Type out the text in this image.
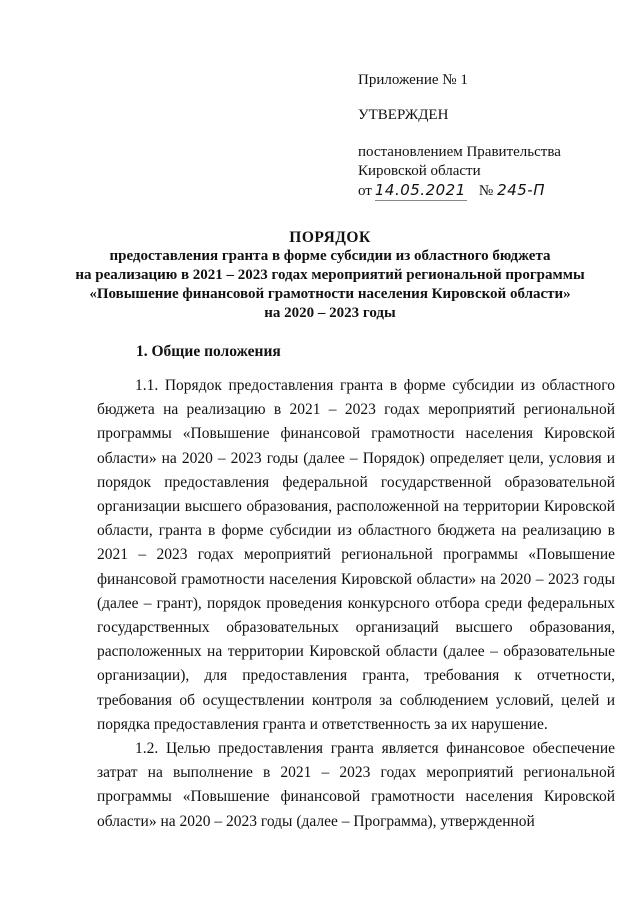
Приложение № 1
УТВЕРЖДЕН
постановлением Правительства
Кировской области
от 14.05.2021 № 245-П
ПОРЯДОК
предоставления гранта в форме субсидии из областного бюджета
на реализацию в 2021 – 2023 годах мероприятий региональной программы
«Повышение финансовой грамотности населения Кировской области»
на 2020 – 2023 годы
1. Общие положения

1.1. Порядок предоставления гранта в форме субсидии из областного бюджета на реализацию в 2021 – 2023 годах мероприятий региональной программы «Повышение финансовой грамотности населения Кировской области» на 2020 – 2023 годы (далее – Порядок) определяет цели, условия и порядок предоставления федеральной государственной образовательной организации высшего образования, расположенной на территории Кировской области, гранта в форме субсидии из областного бюджета на реализацию в 2021 – 2023 годах мероприятий региональной программы «Повышение финансовой грамотности населения Кировской области» на 2020 – 2023 годы (далее – грант), порядок проведения конкурсного отбора среди федеральных государственных образовательных организаций высшего образования, расположенных на территории Кировской области (далее – образовательные организации), для предоставления гранта, требования к отчетности, требования об осуществлении контроля за соблюдением условий, целей и порядка предоставления гранта и ответственность за их нарушение.

1.2. Целью предоставления гранта является финансовое обеспечение затрат на выполнение в 2021 – 2023 годах мероприятий региональной программы «Повышение финансовой грамотности населения Кировской области» на 2020 – 2023 годы (далее – Программа), утвержденной
